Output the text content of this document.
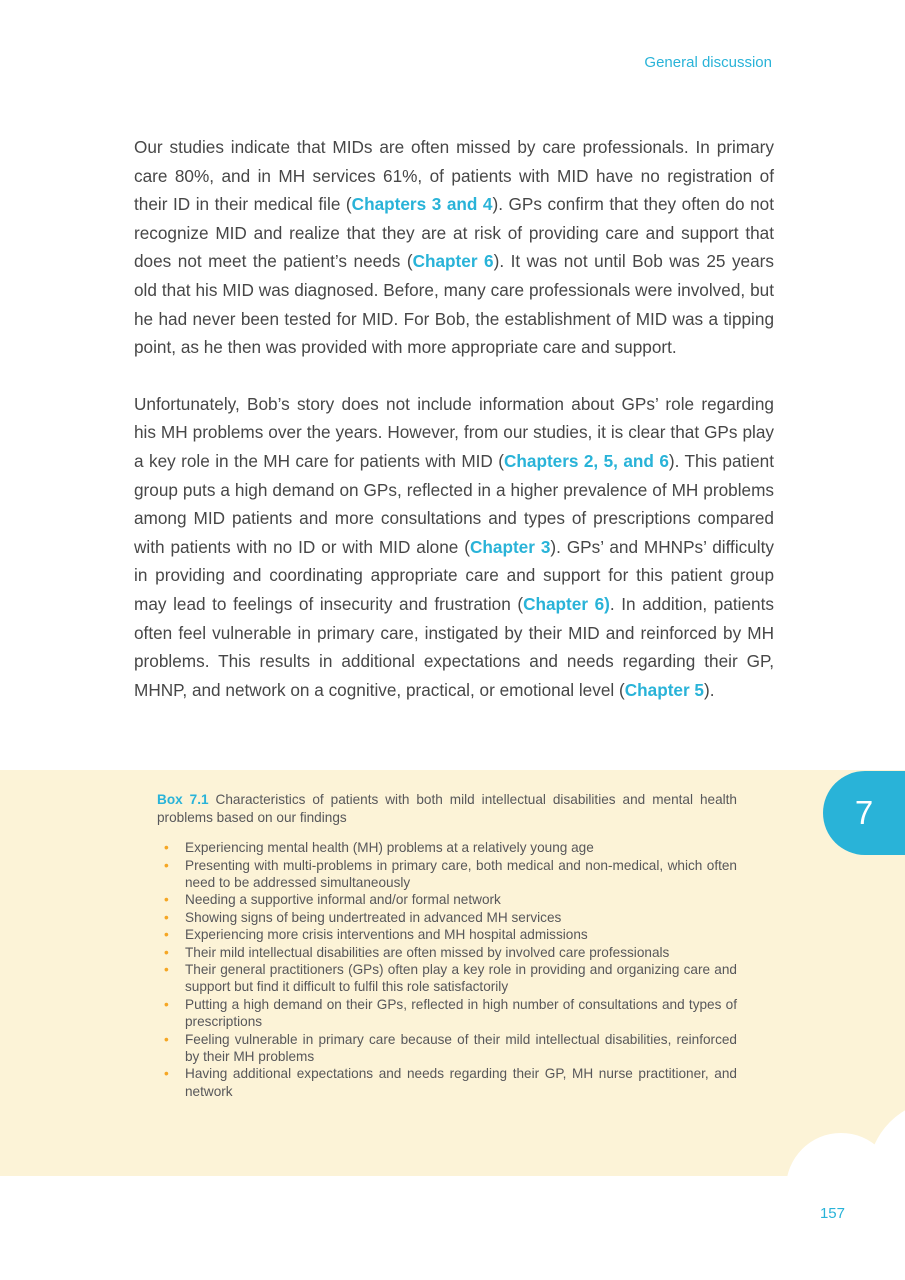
General discussion

Our studies indicate that MIDs are often missed by care professionals. In primary care 80%, and in MH services 61%, of patients with MID have no registration of their ID in their medical file (Chapters 3 and 4). GPs confirm that they often do not recognize MID and realize that they are at risk of providing care and support that does not meet the patient’s needs (Chapter 6). It was not until Bob was 25 years old that his MID was diagnosed. Before, many care professionals were involved, but he had never been tested for MID. For Bob, the establishment of MID was a tipping point, as he then was provided with more appropriate care and support.

Unfortunately, Bob’s story does not include information about GPs’ role regarding his MH problems over the years. However, from our studies, it is clear that GPs play a key role in the MH care for patients with MID (Chapters 2, 5, and 6). This patient group puts a high demand on GPs, reflected in a higher prevalence of MH problems among MID patients and more consultations and types of prescriptions compared with patients with no ID or with MID alone (Chapter 3). GPs’ and MHNPs’ difficulty in providing and coordinating appropriate care and support for this patient group may lead to feelings of insecurity and frustration (Chapter 6). In addition, patients often feel vulnerable in primary care, instigated by their MID and reinforced by MH problems. This results in additional expectations and needs regarding their GP, MHNP, and network on a cognitive, practical, or emotional level (Chapter 5).

Box 7.1 Characteristics of patients with both mild intellectual disabilities and mental health problems based on our findings

• Experiencing mental health (MH) problems at a relatively young age
• Presenting with multi-problems in primary care, both medical and non-medical, which often need to be addressed simultaneously
• Needing a supportive informal and/or formal network
• Showing signs of being undertreated in advanced MH services
• Experiencing more crisis interventions and MH hospital admissions
• Their mild intellectual disabilities are often missed by involved care professionals
• Their general practitioners (GPs) often play a key role in providing and organizing care and support but find it difficult to fulfil this role satisfactorily
• Putting a high demand on their GPs, reflected in high number of consultations and types of prescriptions
• Feeling vulnerable in primary care because of their mild intellectual disabilities, reinforced by their MH problems
• Having additional expectations and needs regarding their GP, MH nurse practitioner, and network
7
157
